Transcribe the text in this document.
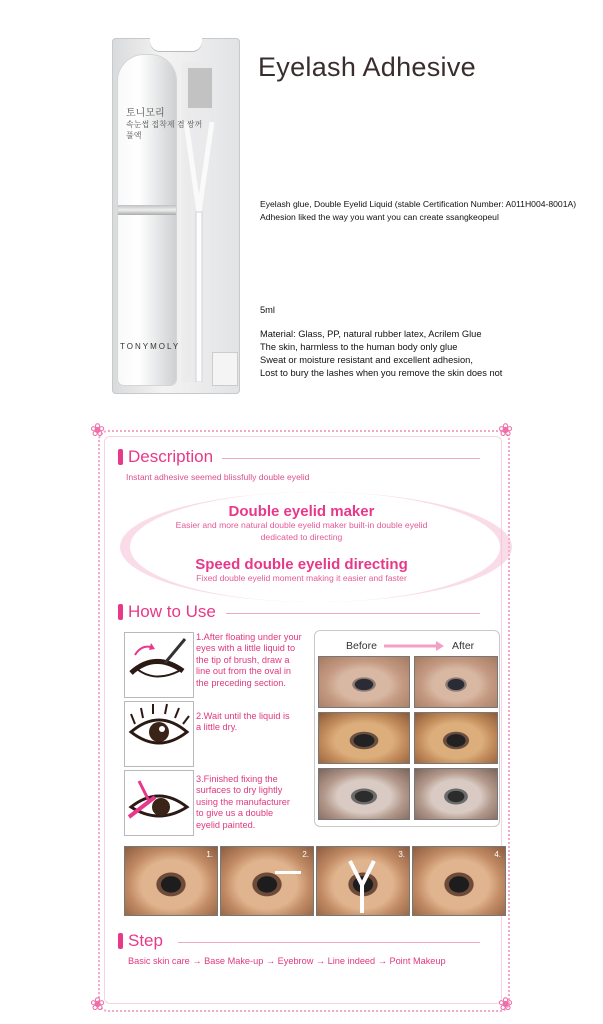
토니모리
속눈썹 접착제 겸 쌍꺼풀액
TONYMOLY
Eyelash Adhesive
Eyelash glue, Double Eyelid Liquid (stable Certification Number: A011H004-8001A)
Adhesion liked the way you want you can create ssangkeopeul
5ml
Material: Glass, PP, natural rubber latex, Acrilem Glue
The skin, harmless to the human body only glue
Sweat or moisture resistant and excellent adhesion,
Lost to bury the lashes when you remove the skin does not
❀	❀
❀	❀
Description
Instant adhesive seemed blissfully double eyelid
Double eyelid maker
Easier and more natural double eyelid maker built-in double eyelid
dedicated to directing
Speed double eyelid directing
Fixed double eyelid moment making it easier and faster
How to Use
1.After floating under your
eyes with a little liquid to
the tip of brush, draw a
line out from the oval in
the preceding section.
2.Wait until the liquid is
a little dry.
3.Finished fixing the
surfaces to dry lightly
using the manufacturer
to give us a double
eyelid painted.
Before	After
1.	2.	3.	4.
Step
Basic skin care → Base Make-up → Eyebrow → Line indeed → Point Makeup
